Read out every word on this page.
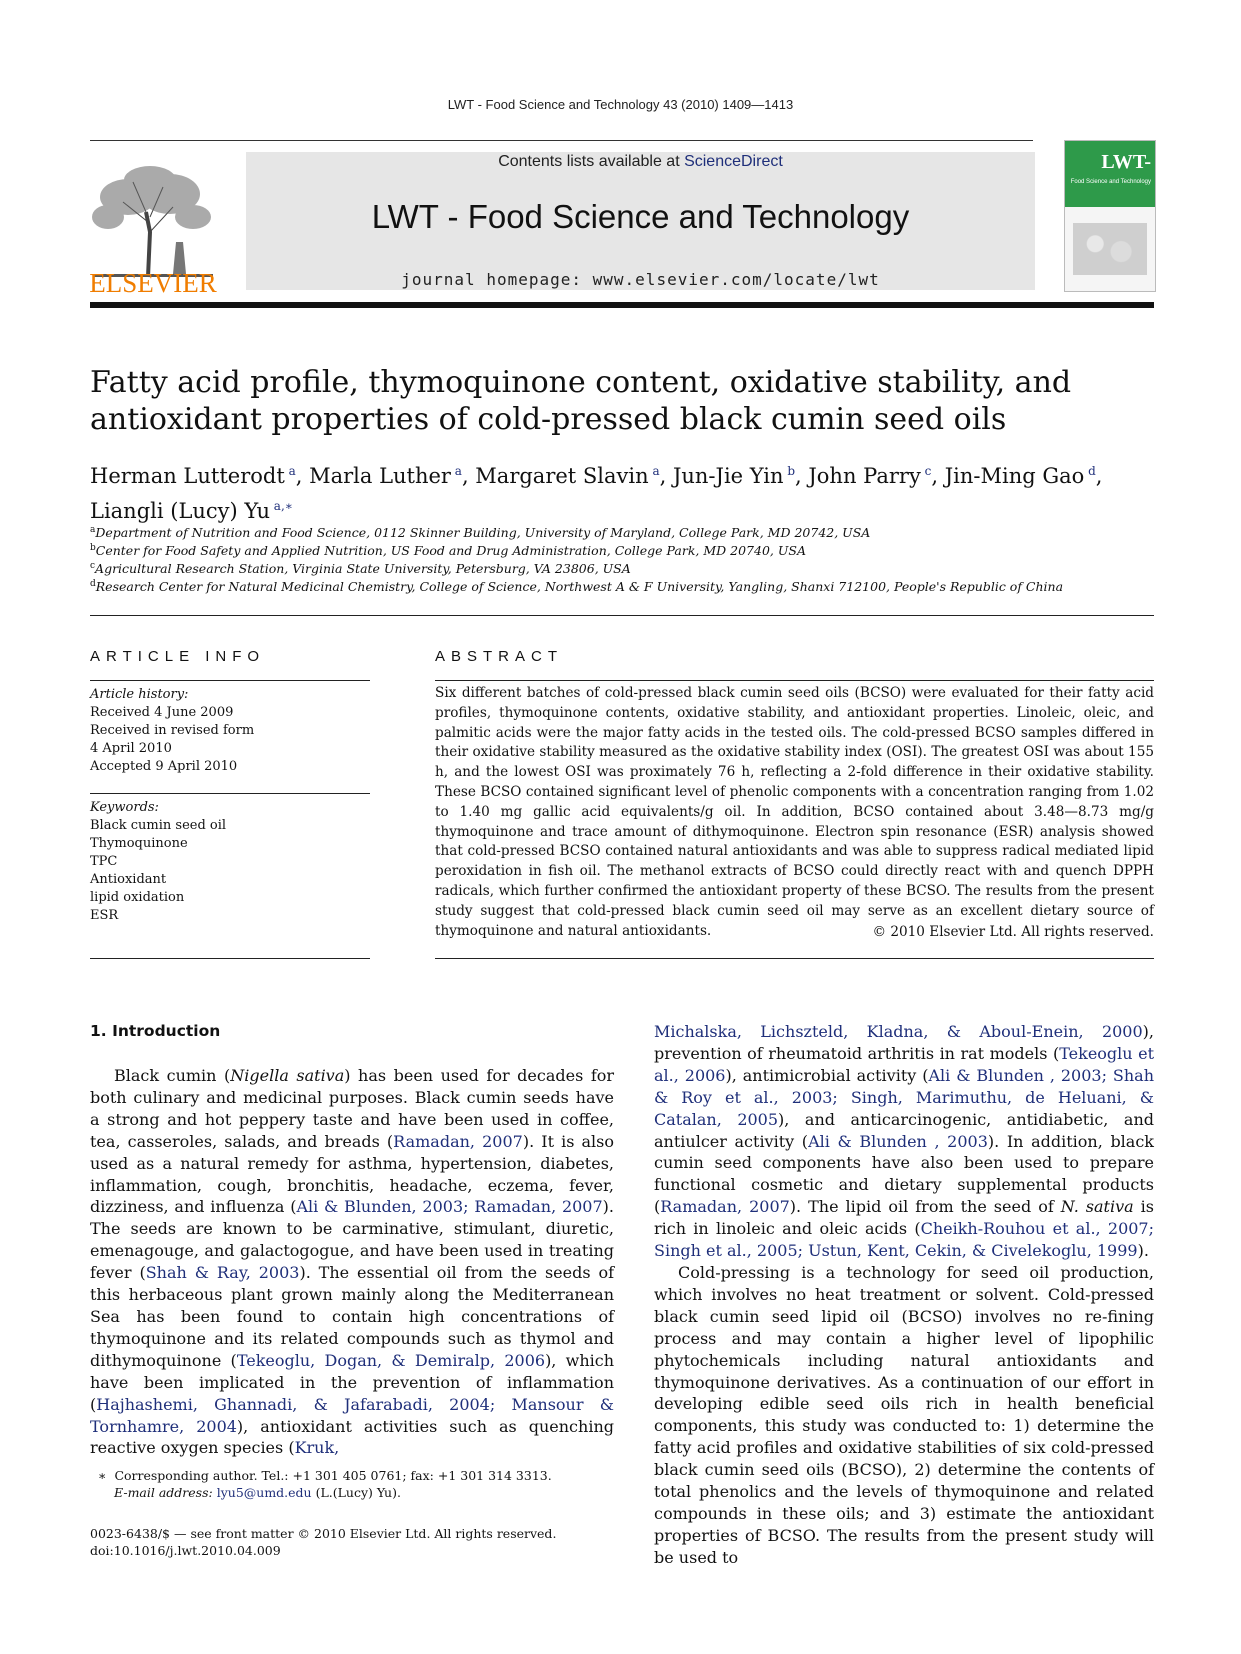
LWT - Food Science and Technology 43 (2010) 1409—1413
ELSEVIER
Contents lists available at ScienceDirect
LWT - Food Science and Technology
journal homepage: www.elsevier.com/locate/lwt
LWT-
Food Science and Technology
Fatty acid profile, thymoquinone content, oxidative stability, and antioxidant properties of cold-pressed black cumin seed oils
Herman Lutterodt $^a$, Marla Luther $^a$, Margaret Slavin $^a$, Jun-Jie Yin $^b$, John Parry $^c$, Jin-Ming Gao $^d$, Liangli (Lucy) Yu $^{a,∗}$
$^a$Department of Nutrition and Food Science, 0112 Skinner Building, University of Maryland, College Park, MD 20742, USA
$^b$Center for Food Safety and Applied Nutrition, US Food and Drug Administration, College Park, MD 20740, USA
$^c$Agricultural Research Station, Virginia State University, Petersburg, VA 23806, USA
$^d$Research Center for Natural Medicinal Chemistry, College of Science, Northwest A & F University, Yangling, Shanxi 712100, People's Republic of China
ARTICLE INFO
Article history:
Received 4 June 2009
Received in revised form
4 April 2010
Accepted 9 April 2010
Keywords:
Black cumin seed oil
Thymoquinone
TPC
Antioxidant
lipid oxidation
ESR
ABSTRACT
Six different batches of cold-pressed black cumin seed oils (BCSO) were evaluated for their fatty acid profiles, thymoquinone contents, oxidative stability, and antioxidant properties. Linoleic, oleic, and palmitic acids were the major fatty acids in the tested oils. The cold-pressed BCSO samples differed in their oxidative stability measured as the oxidative stability index (OSI). The greatest OSI was about 155 h, and the lowest OSI was proximately 76 h, reflecting a 2-fold difference in their oxidative stability. These BCSO contained significant level of phenolic components with a concentration ranging from 1.02 to 1.40 mg gallic acid equivalents/g oil. In addition, BCSO contained about 3.48—8.73 mg/g thymoquinone and trace amount of dithymoquinone. Electron spin resonance (ESR) analysis showed that cold-pressed BCSO contained natural antioxidants and was able to suppress radical mediated lipid peroxidation in fish oil. The methanol extracts of BCSO could directly react with and quench DPPH radicals, which further confirmed the antioxidant property of these BCSO. The results from the present study suggest that cold-pressed black cumin seed oil may serve as an excellent dietary source of thymoquinone and natural antioxidants.	© 2010 Elsevier Ltd. All rights reserved.
1. Introduction

Black cumin (Nigella sativa) has been used for decades for both culinary and medicinal purposes. Black cumin seeds have a strong and hot peppery taste and have been used in coffee, tea, casseroles, salads, and breads (Ramadan, 2007). It is also used as a natural remedy for asthma, hypertension, diabetes, inflammation, cough, bronchitis, headache, eczema, fever, dizziness, and influenza (Ali & Blunden, 2003; Ramadan, 2007). The seeds are known to be carminative, stimulant, diuretic, emenagouge, and galactogogue, and have been used in treating fever (Shah & Ray, 2003). The essential oil from the seeds of this herbaceous plant grown mainly along the Mediterranean Sea has been found to contain high concentrations of thymoquinone and its related compounds such as thymol and dithymoquinone (Tekeoglu, Dogan, & Demiralp, 2006), which have been implicated in the prevention of inflammation (Hajhashemi, Ghannadi, & Jafarabadi, 2004; Mansour & Tornhamre, 2004), antioxidant activities such as quenching reactive oxygen species (Kruk,

Michalska, Lichszteld, Kladna, & Aboul-Enein, 2000), prevention of rheumatoid arthritis in rat models (Tekeoglu et al., 2006), antimicrobial activity (Ali & Blunden , 2003; Shah & Roy et al., 2003; Singh, Marimuthu, de Heluani, & Catalan, 2005), and anticarcinogenic, antidiabetic, and antiulcer activity (Ali & Blunden , 2003). In addition, black cumin seed components have also been used to prepare functional cosmetic and dietary supplemental products (Ramadan, 2007). The lipid oil from the seed of N. sativa is rich in linoleic and oleic acids (Cheikh-Rouhou et al., 2007; Singh et al., 2005; Ustun, Kent, Cekin, & Civelekoglu, 1999).

Cold-pressing is a technology for seed oil production, which involves no heat treatment or solvent. Cold-pressed black cumin seed lipid oil (BCSO) involves no re-fining process and may contain a higher level of lipophilic phytochemicals including natural antioxidants and thymoquinone derivatives. As a continuation of our effort in developing edible seed oils rich in health beneficial components, this study was conducted to: 1) determine the fatty acid profiles and oxidative stabilities of six cold-pressed black cumin seed oils (BCSO), 2) determine the contents of total phenolics and the levels of thymoquinone and related compounds in these oils; and 3) estimate the antioxidant properties of BCSO. The results from the present study will be used to

∗ Corresponding author. Tel.: +1 301 405 0761; fax: +1 301 314 3313.
E-mail address: lyu5@umd.edu (L.(Lucy) Yu).
0023-6438/$ — see front matter © 2010 Elsevier Ltd. All rights reserved.
doi:10.1016/j.lwt.2010.04.009
